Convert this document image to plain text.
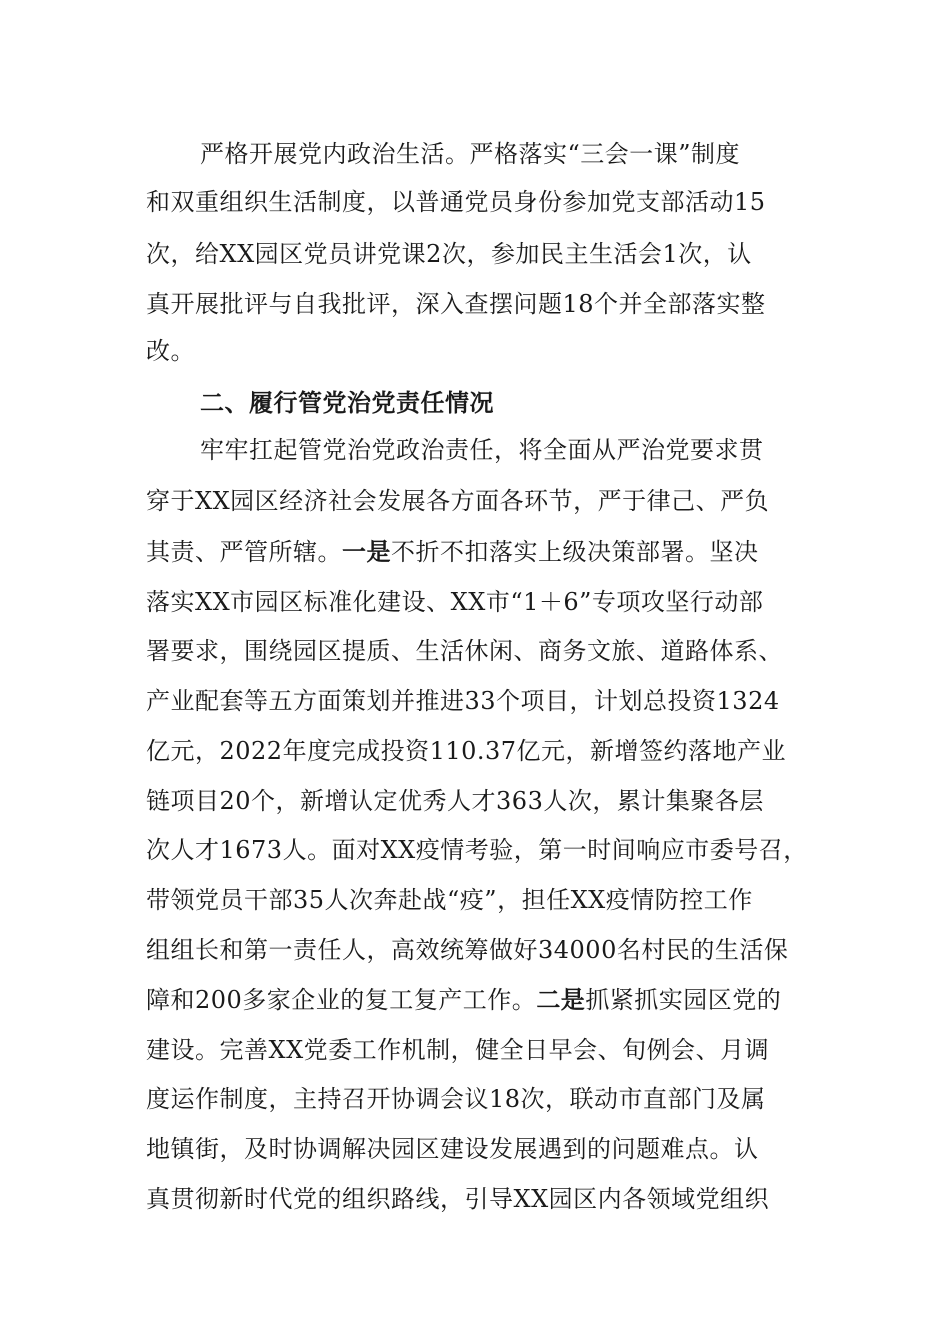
严格开展党内政治生活。严格落实“三会一课”制度
和双重组织生活制度，以普通党员身份参加党支部活动15
次，给XX园区党员讲党课2次，参加民主生活会1次，认
真开展批评与自我批评，深入查摆问题18个并全部落实整
改。
二、履行管党治党责任情况
牢牢扛起管党治党政治责任，将全面从严治党要求贯
穿于XX园区经济社会发展各方面各环节，严于律己、严负
其责、严管所辖。一是不折不扣落实上级决策部署。坚决
落实XX市园区标准化建设、XX市“1＋6”专项攻坚行动部
署要求，围绕园区提质、生活休闲、商务文旅、道路体系、
产业配套等五方面策划并推进33个项目，计划总投资1324
亿元，2022年度完成投资110.37亿元，新增签约落地产业
链项目20个，新增认定优秀人才363人次，累计集聚各层
次人才1673人。面对XX疫情考验，第一时间响应市委号召，
带领党员干部35人次奔赴战“疫”，担任XX疫情防控工作
组组长和第一责任人，高效统筹做好34000名村民的生活保
障和200多家企业的复工复产工作。二是抓紧抓实园区党的
建设。完善XX党委工作机制，健全日早会、旬例会、月调
度运作制度，主持召开协调会议18次，联动市直部门及属
地镇街，及时协调解决园区建设发展遇到的问题难点。认
真贯彻新时代党的组织路线，引导XX园区内各领域党组织
